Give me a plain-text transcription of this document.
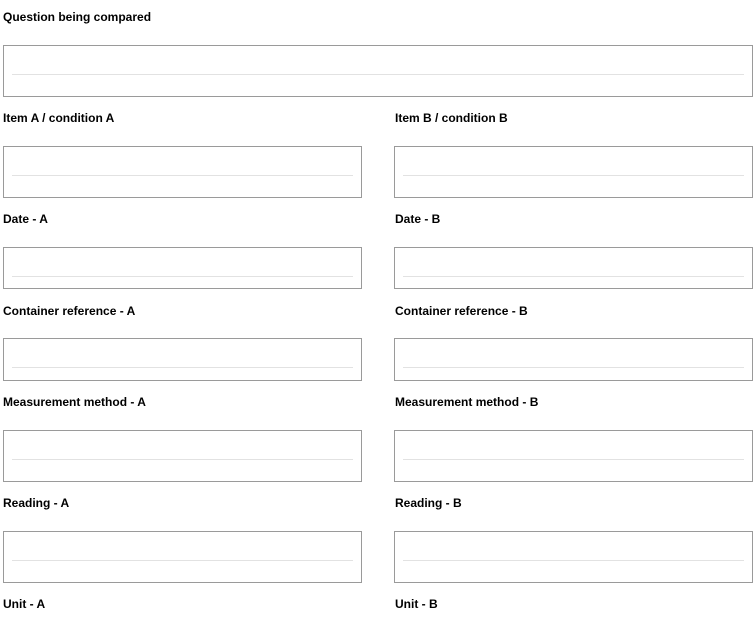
Question being compared
Item A / condition A	Item B / condition B
Date - A	Date - B
Container reference - A	Container reference - B
Measurement method - A	Measurement method - B
Reading - A	Reading - B
Unit - A	Unit - B
